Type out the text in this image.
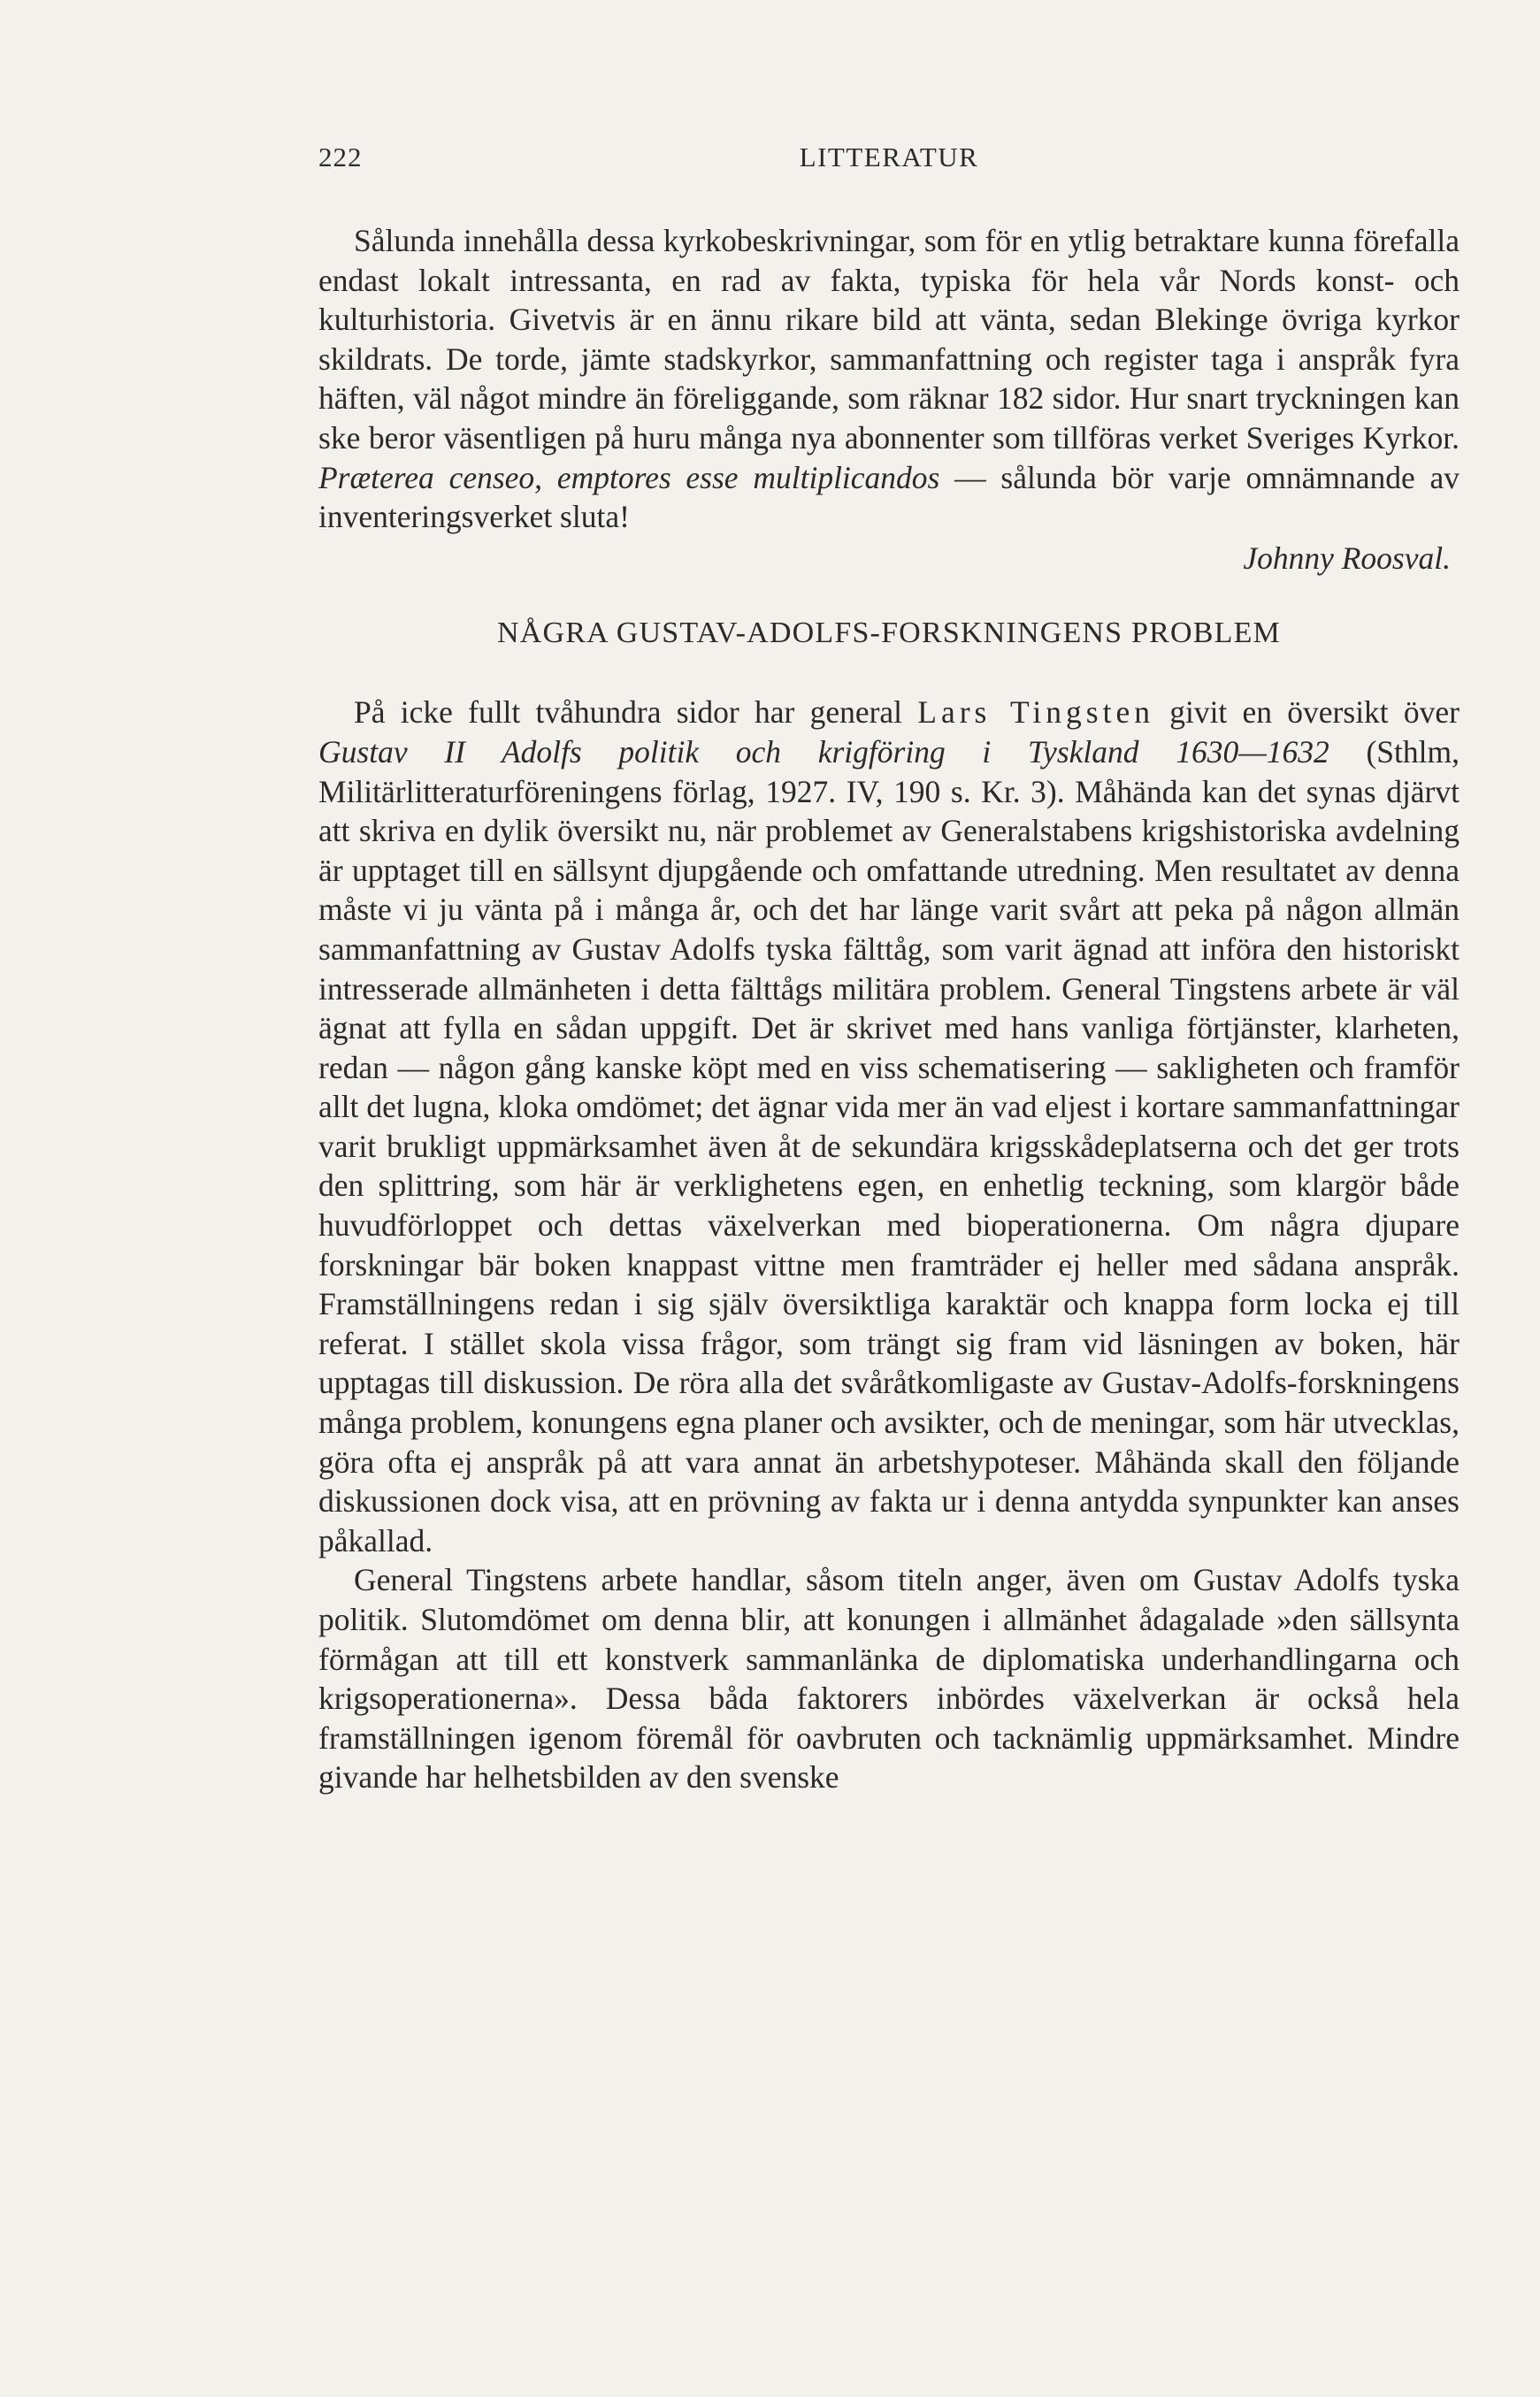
222	LITTERATUR

Sålunda innehålla dessa kyrkobeskrivningar, som för en ytlig betraktare kunna förefalla endast lokalt intressanta, en rad av fakta, typiska för hela vår Nords konst- och kulturhistoria. Givetvis är en ännu rikare bild att vänta, sedan Blekinge övriga kyrkor skildrats. De torde, jämte stadskyrkor, sammanfattning och register taga i anspråk fyra häften, väl något mindre än föreliggande, som räknar 182 sidor. Hur snart tryckningen kan ske beror väsentligen på huru många nya abonnenter som tillföras verket Sveriges Kyrkor. Præterea censeo, emptores esse multiplicandos — sålunda bör varje omnämnande av inventeringsverket sluta!

Johnny Roosval.
NÅGRA GUSTAV-ADOLFS-FORSKNINGENS PROBLEM

På icke fullt tvåhundra sidor har general Lars Tingsten givit en översikt över Gustav II Adolfs politik och krigföring i Tyskland 1630—1632 (Sthlm, Militärlitteraturföreningens förlag, 1927. IV, 190 s. Kr. 3). Måhända kan det synas djärvt att skriva en dylik översikt nu, när problemet av Generalstabens krigshistoriska avdelning är upptaget till en sällsynt djupgående och omfattande utredning. Men resultatet av denna måste vi ju vänta på i många år, och det har länge varit svårt att peka på någon allmän sammanfattning av Gustav Adolfs tyska fälttåg, som varit ägnad att införa den historiskt intresserade allmänheten i detta fälttågs militära problem. General Tingstens arbete är väl ägnat att fylla en sådan uppgift. Det är skrivet med hans vanliga förtjänster, klarheten, redan — någon gång kanske köpt med en viss schematisering — sakligheten och framför allt det lugna, kloka omdömet; det ägnar vida mer än vad eljest i kortare sammanfattningar varit brukligt uppmärksamhet även åt de sekundära krigsskådeplatserna och det ger trots den splittring, som här är verklighetens egen, en enhetlig teckning, som klargör både huvudförloppet och dettas växelverkan med bioperationerna. Om några djupare forskningar bär boken knappast vittne men framträder ej heller med sådana anspråk. Framställningens redan i sig själv översiktliga karaktär och knappa form locka ej till referat. I stället skola vissa frågor, som trängt sig fram vid läsningen av boken, här upptagas till diskussion. De röra alla det svåråtkomligaste av Gustav-Adolfs-forskningens många problem, konungens egna planer och avsikter, och de meningar, som här utvecklas, göra ofta ej anspråk på att vara annat än arbetshypoteser. Måhända skall den följande diskussionen dock visa, att en prövning av fakta ur i denna antydda synpunkter kan anses påkallad.

General Tingstens arbete handlar, såsom titeln anger, även om Gustav Adolfs tyska politik. Slutomdömet om denna blir, att konungen i allmänhet ådagalade »den sällsynta förmågan att till ett konstverk sammanlänka de diplomatiska underhandlingarna och krigsoperationerna». Dessa båda faktorers inbördes växelverkan är också hela framställningen igenom föremål för oavbruten och tacknämlig uppmärksamhet. Mindre givande har helhetsbilden av den svenske
